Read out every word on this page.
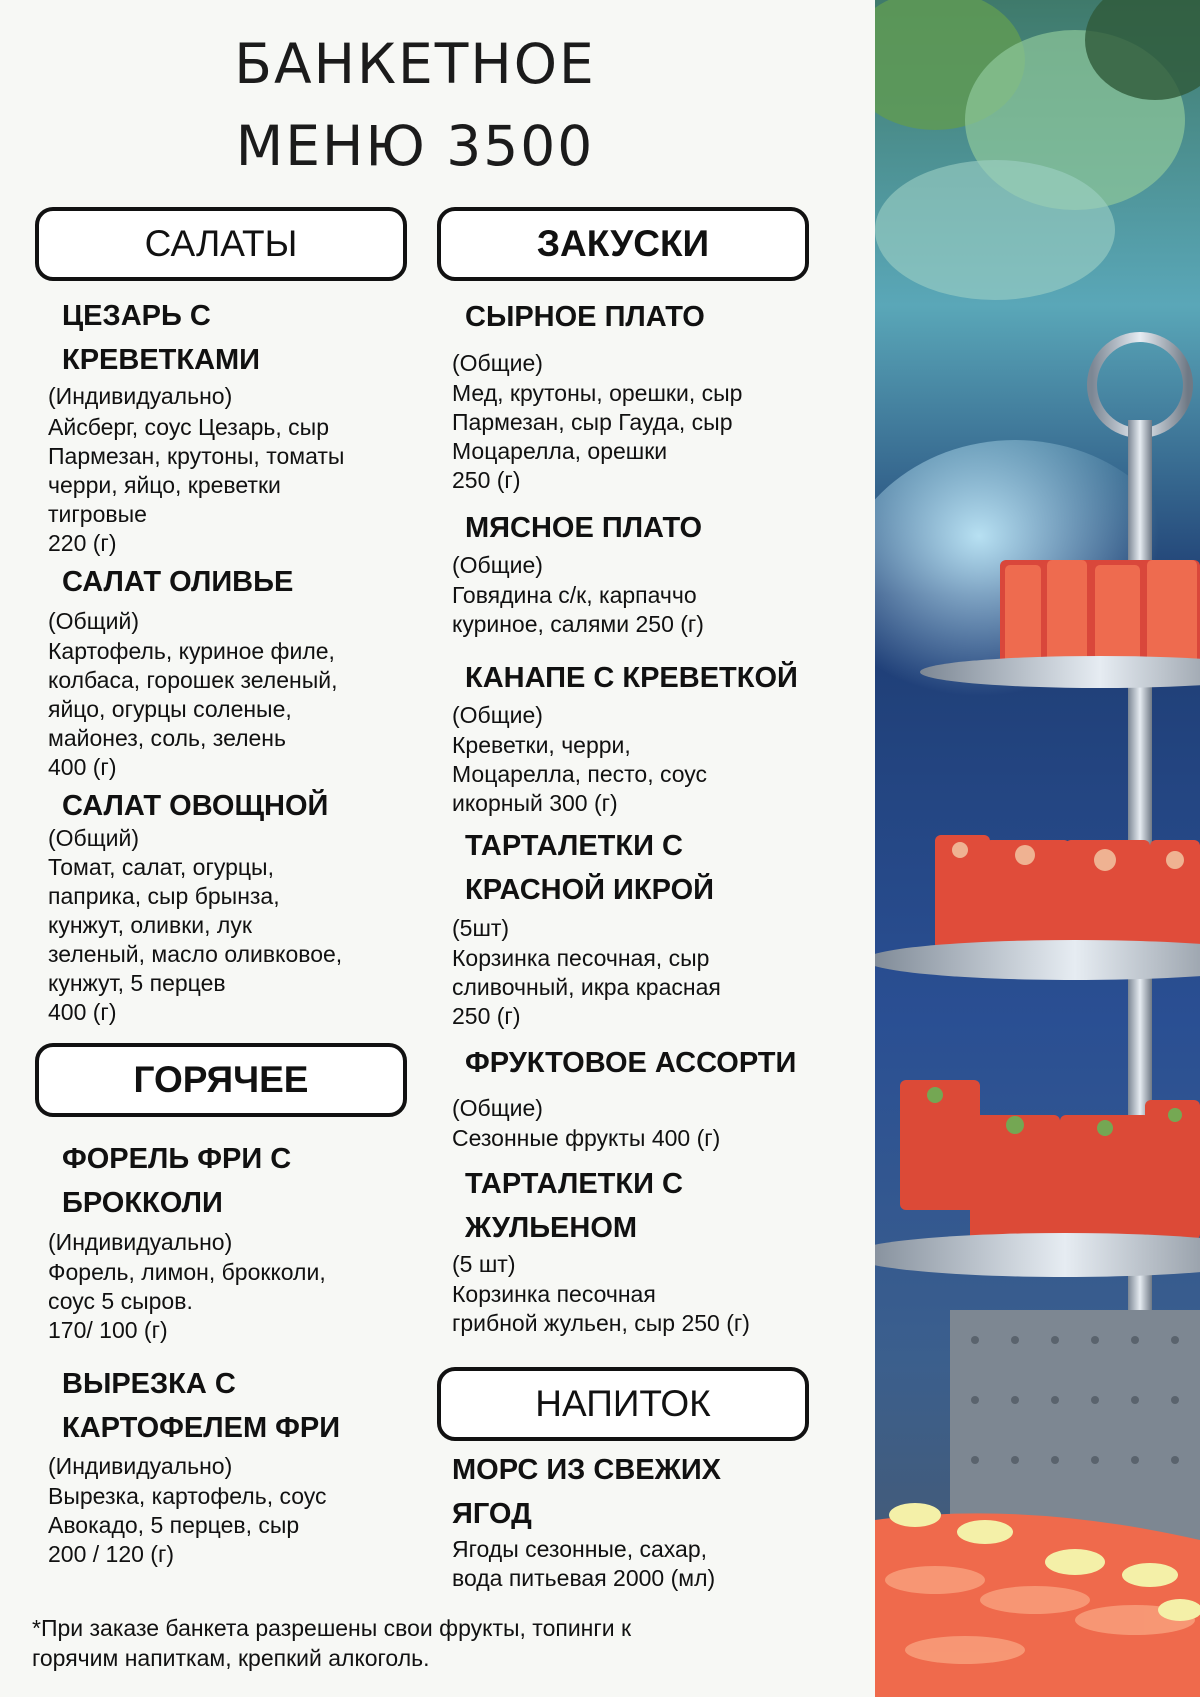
БАНКЕТНОЕ
МЕНЮ 3500
САЛАТЫ	ЗАКУСКИ
ГОРЯЧЕЕ
НАПИТОК
ЦЕЗАРЬ С
КРЕВЕТКАМИ
(Индивидуально)
Айсберг, соус Цезарь, сыр
Пармезан, крутоны, томаты
черри, яйцо, креветки
тигровые
220 (г)
САЛАТ ОЛИВЬЕ
(Общий)
Картофель, куриное филе,
колбаса, горошек зеленый,
яйцо, огурцы соленые,
майонез, соль, зелень
400 (г)
САЛАТ ОВОЩНОЙ
(Общий)
Томат, салат, огурцы,
паприка, сыр брынза,
кунжут, оливки, лук
зеленый, масло оливковое,
кунжут, 5 перцев
400 (г)
ФОРЕЛЬ ФРИ С
БРОККОЛИ
(Индивидуально)
Форель, лимон, брокколи,
соус 5 сыров.
170/ 100 (г)
ВЫРЕЗКА С
КАРТОФЕЛЕМ ФРИ
(Индивидуально)
Вырезка, картофель, соус
Авокадо, 5 перцев, сыр
200 / 120 (г)
СЫРНОЕ ПЛАТО
(Общие)
Мед, крутоны, орешки, сыр
Пармезан, сыр Гауда, сыр
Моцарелла, орешки
250 (г)
МЯСНОЕ ПЛАТО
(Общие)
Говядина с/к, карпаччо
куриное, салями 250 (г)
КАНАПЕ С КРЕВЕТКОЙ
(Общие)
Креветки, черри,
Моцарелла, песто, соус
икорный 300 (г)
ТАРТАЛЕТКИ С
КРАСНОЙ ИКРОЙ
(5шт)
Корзинка песочная, сыр
сливочный, икра красная
250 (г)
ФРУКТОВОЕ АССОРТИ
(Общие)
Сезонные фрукты 400 (г)
ТАРТАЛЕТКИ С
ЖУЛЬЕНОМ
(5 шт)
Корзинка песочная
грибной жульен, сыр 250 (г)
МОРС ИЗ СВЕЖИХ
ЯГОД
Ягоды сезонные, сахар,
вода питьевая 2000 (мл)
*При заказе банкета разрешены свои фрукты, топинги к
горячим напиткам, крепкий алкоголь.
